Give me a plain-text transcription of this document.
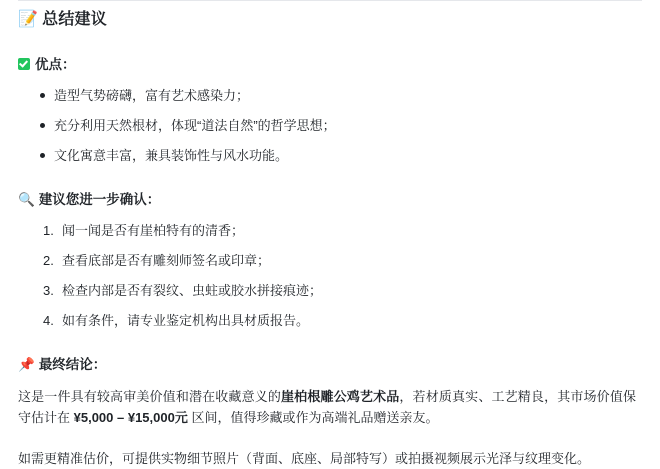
📝 总结建议
优点：
造型气势磅礴，富有艺术感染力；
充分利用天然根材，体现“道法自然”的哲学思想；
文化寓意丰富，兼具装饰性与风水功能。
🔍 建议您进一步确认：
闻一闻是否有崖柏特有的清香；
查看底部是否有雕刻师签名或印章；
检查内部是否有裂纹、虫蛀或胶水拼接痕迹；
如有条件，请专业鉴定机构出具材质报告。
📌 最终结论：

这是一件具有较高审美价值和潜在收藏意义的崖柏根雕公鸡艺术品，若材质真实、工艺精良，其市场价值保守估计在 ¥5,000 – ¥15,000元 区间，值得珍藏或作为高端礼品赠送亲友。

如需更精准估价，可提供实物细节照片（背面、底座、局部特写）或拍摄视频展示光泽与纹理变化。
